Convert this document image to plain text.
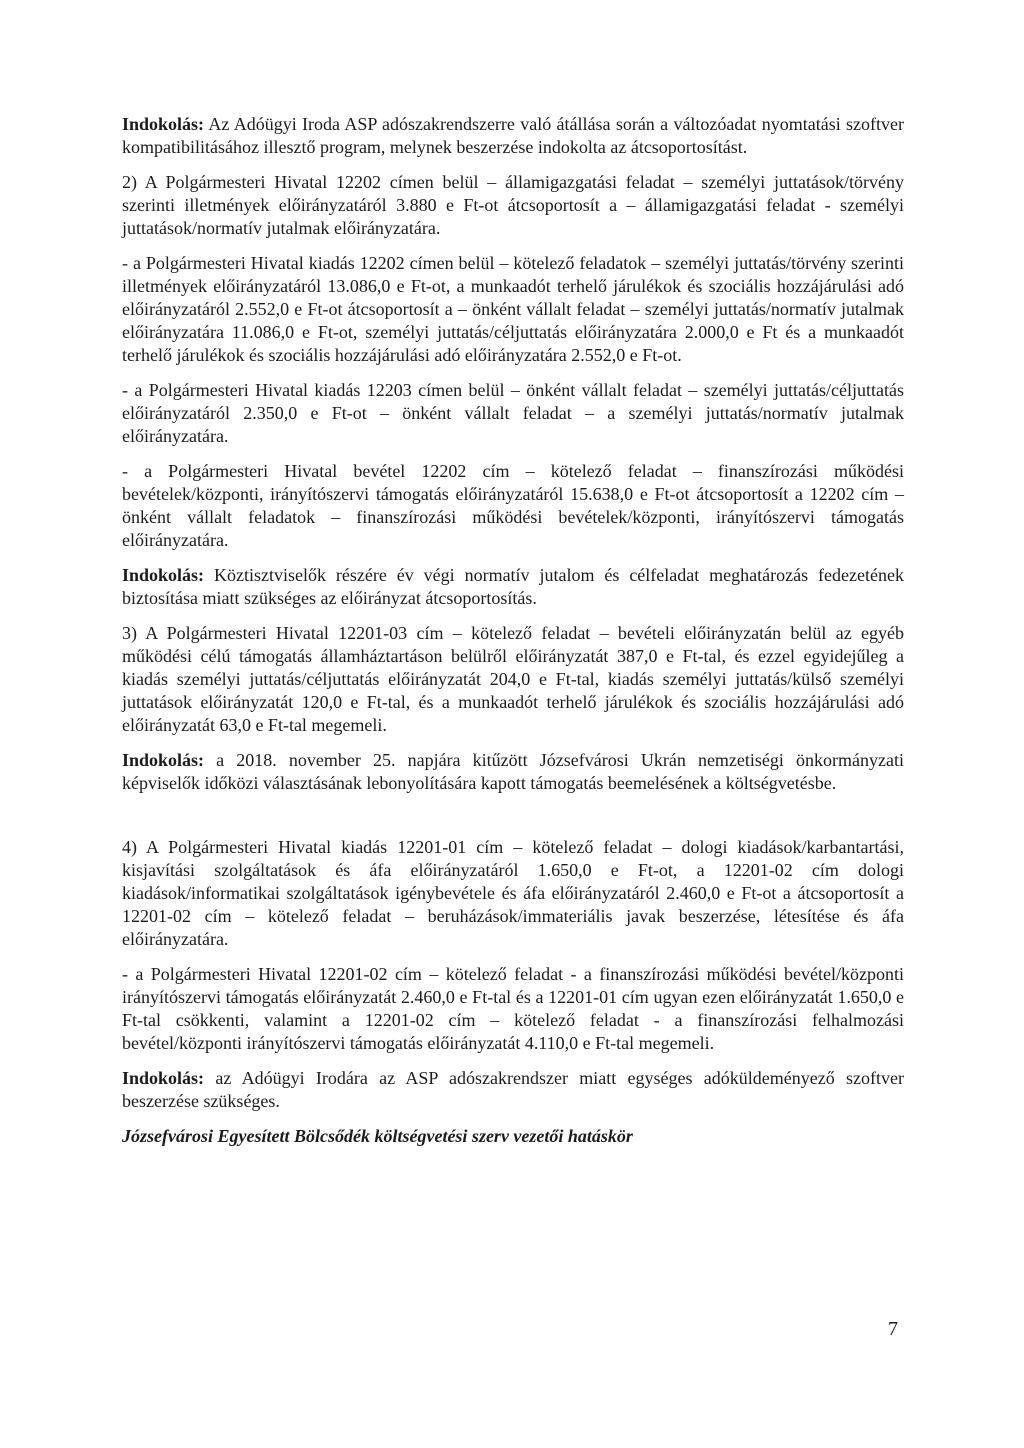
Indokolás: Az Adóügyi Iroda ASP adószakrendszerre való átállása során a változóadat nyomtatási szoftver kompatibilitásához illesztő program, melynek beszerzése indokolta az átcsoportosítást.

2) A Polgármesteri Hivatal 12202 címen belül – államigazgatási feladat – személyi juttatások/törvény szerinti illetmények előirányzatáról 3.880 e Ft-ot átcsoportosít a – államigazgatási feladat - személyi juttatások/normatív jutalmak előirányzatára.

- a Polgármesteri Hivatal kiadás 12202 címen belül – kötelező feladatok – személyi juttatás/törvény szerinti illetmények előirányzatáról 13.086,0 e Ft-ot, a munkaadót terhelő járulékok és szociális hozzájárulási adó előirányzatáról 2.552,0 e Ft-ot átcsoportosít a – önként vállalt feladat – személyi juttatás/normatív jutalmak előirányzatára 11.086,0 e Ft-ot, személyi juttatás/céljuttatás előirányzatára 2.000,0 e Ft és a munkaadót terhelő járulékok és szociális hozzájárulási adó előirányzatára 2.552,0 e Ft-ot.

- a Polgármesteri Hivatal kiadás 12203 címen belül – önként vállalt feladat – személyi juttatás/céljuttatás előirányzatáról 2.350,0 e Ft-ot – önként vállalt feladat – a személyi juttatás/normatív jutalmak előirányzatára.

- a Polgármesteri Hivatal bevétel 12202 cím – kötelező feladat – finanszírozási működési bevételek/központi, irányítószervi támogatás előirányzatáról 15.638,0 e Ft-ot átcsoportosít a 12202 cím – önként vállalt feladatok – finanszírozási működési bevételek/központi, irányítószervi támogatás előirányzatára.

Indokolás: Köztisztviselők részére év végi normatív jutalom és célfeladat meghatározás fedezetének biztosítása miatt szükséges az előirányzat átcsoportosítás.

3) A Polgármesteri Hivatal 12201-03 cím – kötelező feladat – bevételi előirányzatán belül az egyéb működési célú támogatás államháztartáson belülről előirányzatát 387,0 e Ft-tal, és ezzel egyidejűleg a kiadás személyi juttatás/céljuttatás előirányzatát 204,0 e Ft-tal, kiadás személyi juttatás/külső személyi juttatások előirányzatát 120,0 e Ft-tal, és a munkaadót terhelő járulékok és szociális hozzájárulási adó előirányzatát 63,0 e Ft-tal megemeli.

Indokolás: a 2018. november 25. napjára kitűzött Józsefvárosi Ukrán nemzetiségi önkormányzati képviselők időközi választásának lebonyolítására kapott támogatás beemelésének a költségvetésbe.

4) A Polgármesteri Hivatal kiadás 12201-01 cím – kötelező feladat – dologi kiadások/karbantartási, kisjavítási szolgáltatások és áfa előirányzatáról 1.650,0 e Ft-ot, a 12201-02 cím dologi kiadások/informatikai szolgáltatások igénybevétele és áfa előirányzatáról 2.460,0 e Ft-ot a átcsoportosít a 12201-02 cím – kötelező feladat – beruházások/immateriális javak beszerzése, létesítése és áfa előirányzatára.

- a Polgármesteri Hivatal 12201-02 cím – kötelező feladat - a finanszírozási működési bevétel/központi irányítószervi támogatás előirányzatát 2.460,0 e Ft-tal és a 12201-01 cím ugyan ezen előirányzatát 1.650,0 e Ft-tal csökkenti, valamint a 12201-02 cím – kötelező feladat - a finanszírozási felhalmozási bevétel/központi irányítószervi támogatás előirányzatát 4.110,0 e Ft-tal megemeli.

Indokolás: az Adóügyi Irodára az ASP adószakrendszer miatt egységes adóküldeményező szoftver beszerzése szükséges.

Józsefvárosi Egyesített Bölcsődék költségvetési szerv vezetői hatáskör

7
